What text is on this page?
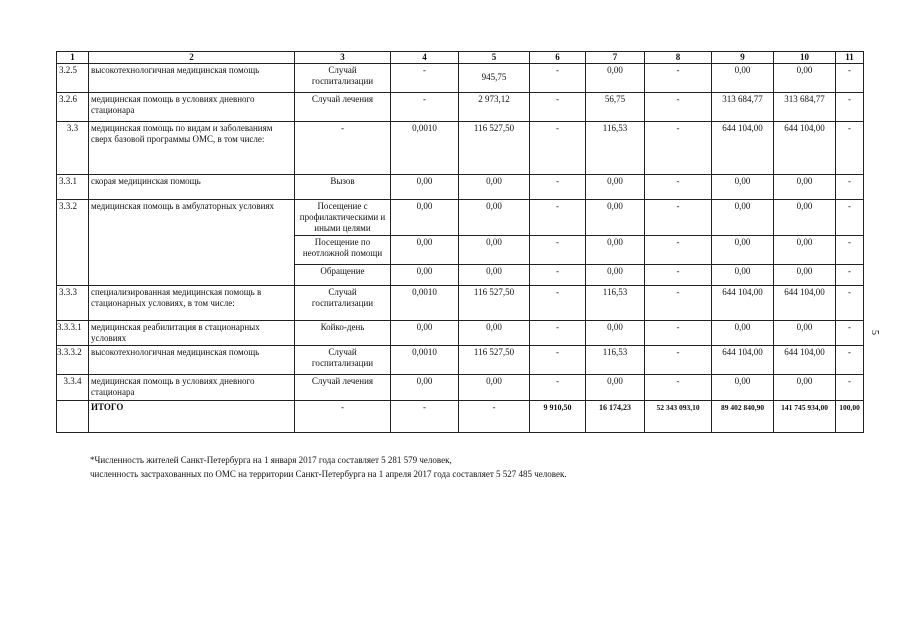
1	2	3	4	5	6	7	8	9	10	11
3.2.5	высокотехнологичная медицинская помощь	Случай госпитализации	-	945,75	-	0,00	-	0,00	0,00	-
3.2.6	медицинская помощь в условиях дневного стационара	Случай лечения	-	2 973,12	-	56,75	-	313 684,77	313 684,77	-
3.3	медицинская помощь по видам и заболеваниям сверх базовой программы ОМС, в том числе:	-	0,0010	116 527,50	-	116,53	-	644 104,00	644 104,00	-
3.3.1	скорая медицинская помощь	Вызов	0,00	0,00	-	0,00	-	0,00	0,00	-
3.3.2	медицинская помощь в амбулаторных условиях	Посещение с профилактическими и иными целями	0,00	0,00	-	0,00	-	0,00	0,00	-
		Посещение по неотложной помощи	0,00	0,00	-	0,00	-	0,00	0,00	-
		Обращение	0,00	0,00	-	0,00	-	0,00	0,00	-
3.3.3	специализированная медицинская помощь в стационарных условиях, в том числе:	Случай госпитализации	0,0010	116 527,50	-	116,53	-	644 104,00	644 104,00	-
3.3.3.1	медицинская реабилитация в стационарных условиях	Койко-день	0,00	0,00	-	0,00	-	0,00	0,00	-
3.3.3.2	высокотехнологичная медицинская помощь	Случай госпитализации	0,0010	116 527,50	-	116,53	-	644 104,00	644 104,00	-
3.3.4	медицинская помощь в условиях дневного стационара	Случай лечения	0,00	0,00	-	0,00	-	0,00	0,00	-
	ИТОГО	-	-	-	9 910,50	16 174,23	52 343 093,10	89 402 840,90	141 745 934,00	100,00
*Численность жителей Санкт-Петербурга на 1 января 2017 года составляет 5 281 579 человек,
численность застрахованных по ОМС на территории Санкт-Петербурга на 1 апреля 2017 года составляет 5 527 485 человек.
5
